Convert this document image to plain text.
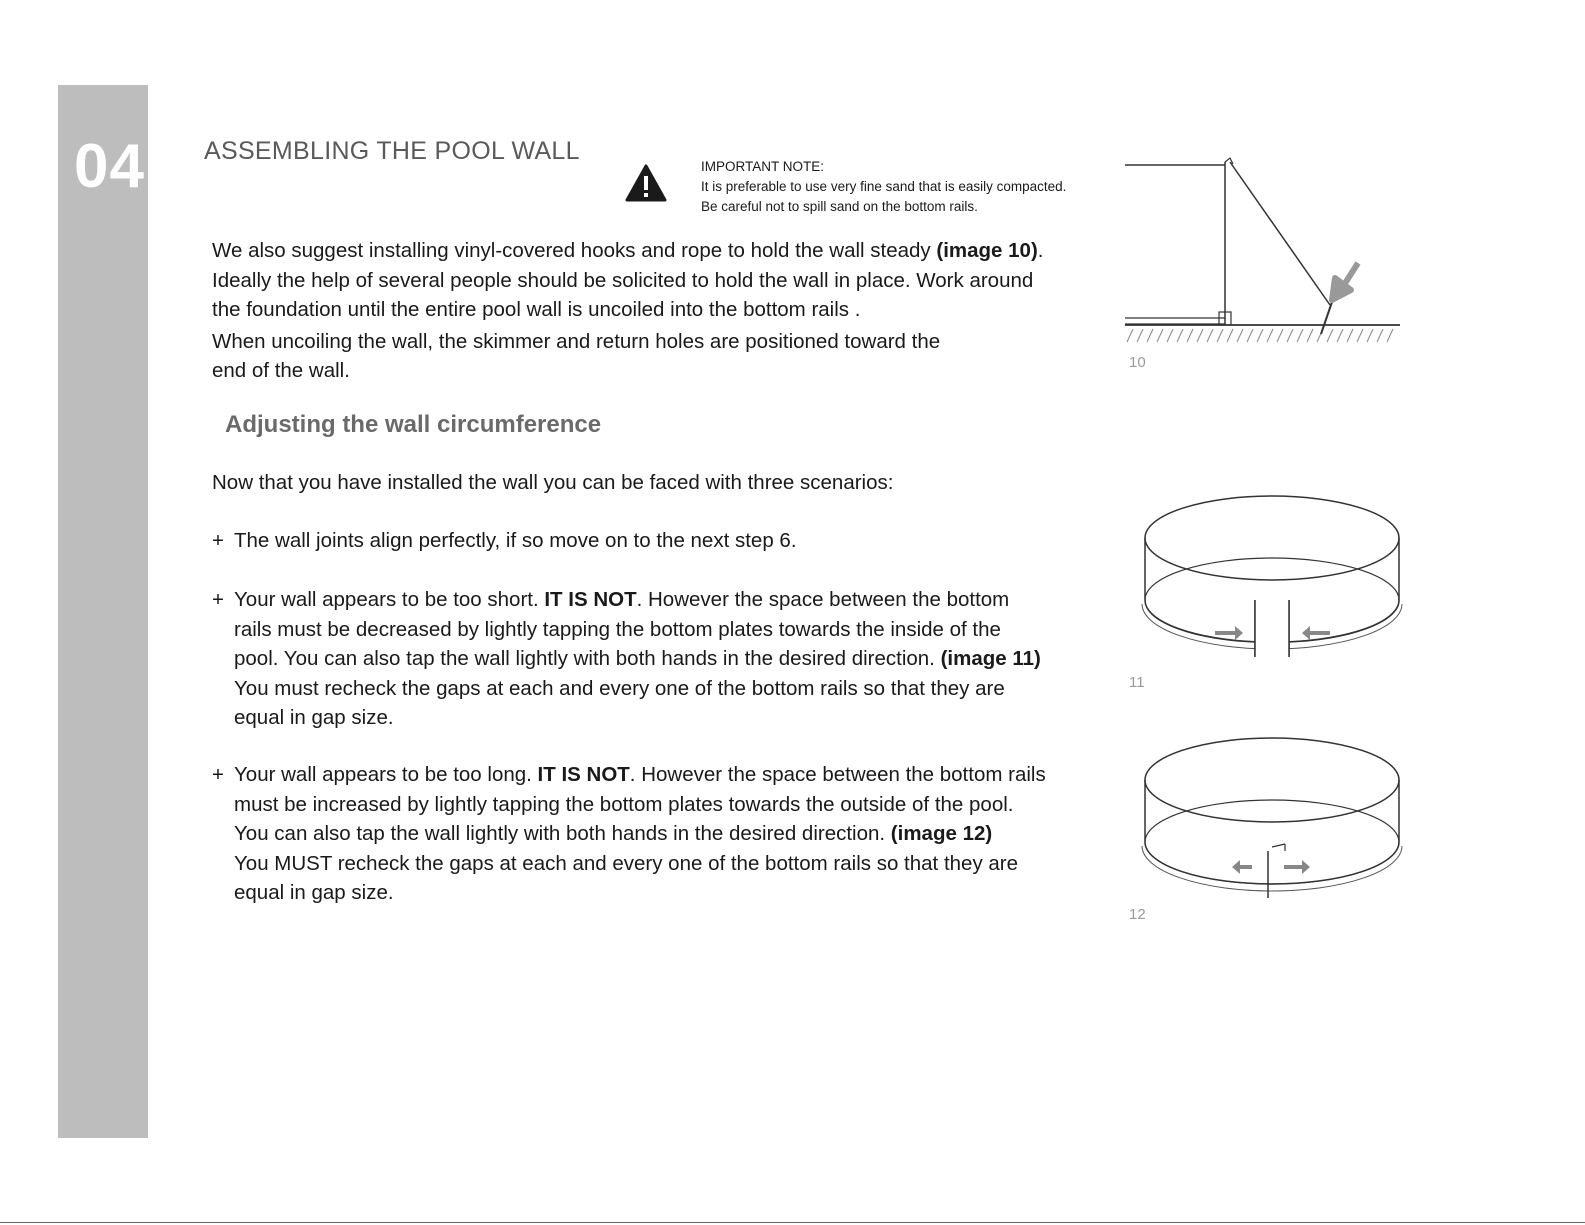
04 ASSEMBLING THE POOL WALL
IMPORTANT NOTE:
It is preferable to use very fine sand that is easily compacted.
Be careful not to spill sand on the bottom rails.
We also suggest installing vinyl-covered hooks and rope to hold the wall steady (image 10).
Ideally the help of several people should be solicited to hold the wall in place. Work around
the foundation until the entire pool wall is uncoiled into the bottom rails .
When uncoiling the wall, the skimmer and return holes are positioned toward the
end of the wall.
Adjusting the wall circumference
Now that you have installed the wall you can be faced with three scenarios:
+ The wall joints align perfectly, if so move on to the next step 6.
+ Your wall appears to be too short. IT IS NOT. However the space between the bottom
rails must be decreased by lightly tapping the bottom plates towards the inside of the
pool. You can also tap the wall lightly with both hands in the desired direction. (image 11)
You must recheck the gaps at each and every one of the bottom rails so that they are
equal in gap size.
+ Your wall appears to be too long. IT IS NOT. However the space between the bottom rails
must be increased by lightly tapping the bottom plates towards the outside of the pool.
You can also tap the wall lightly with both hands in the desired direction. (image 12)
You MUST recheck the gaps at each and every one of the bottom rails so that they are
equal in gap size.
10
11
12
